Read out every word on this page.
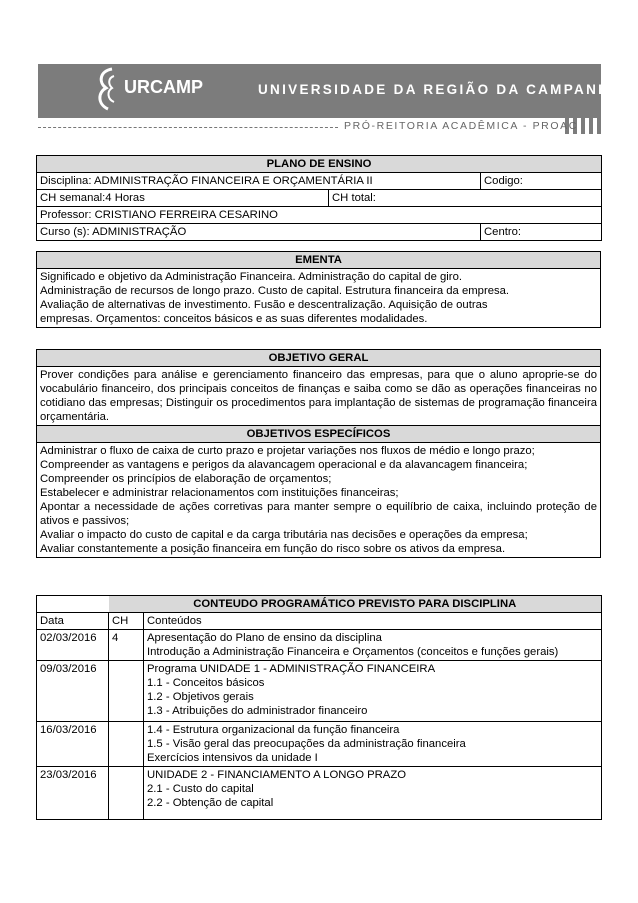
URCAMP	UNIVERSIDADE DA REGIÃO DA CAMPANHA
PRÓ-REITORIA ACADÊMICA - PROAC
PLANO DE ENSINO		
Disciplina: ADMINISTRAÇÃO FINANCEIRA E ORÇAMENTÁRIA II		Codigo:
CH semanal:4 Horas	CH total:	
Professor: CRISTIANO FERREIRA CESARINO		
Curso (s): ADMINISTRAÇÃO		Centro:
EMENTA

Significado e objetivo da Administração Financeira. Administração do capital de giro.
Administração de recursos de longo prazo. Custo de capital. Estrutura financeira da empresa.
Avaliação de alternativas de investimento. Fusão e descentralização. Aquisição de outras
empresas. Orçamentos: conceitos básicos e as suas diferentes modalidades.
OBJETIVO GERAL
Prover condições para análise e gerenciamento financeiro das empresas, para que o aluno aproprie-se do vocabulário financeiro, dos principais conceitos de finanças e saiba como se dão as operações financeiras no cotidiano das empresas; Distinguir os procedimentos para implantação de sistemas de programação financeira orçamentária.
OBJETIVOS ESPECÍFICOS

Administrar o fluxo de caixa de curto prazo e projetar variações nos fluxos de médio e longo prazo;
Compreender as vantagens e perigos da alavancagem operacional e da alavancagem financeira;
Compreender os princípios de elaboração de orçamentos;
Estabelecer e administrar relacionamentos com instituições financeiras;
Apontar a necessidade de ações corretivas para manter sempre o equilíbrio de caixa, incluindo proteção de ativos e passivos;
Avaliar o impacto do custo de capital e da carga tributária nas decisões e operações da empresa;
Avaliar constantemente a posição financeira em função do risco sobre os ativos da empresa.
	CONTEUDO PROGRAMÁTICO PREVISTO PARA DISCIPLINA	
Data	CH	Conteúdos
02/03/2016	4	Apresentação do Plano de ensino da disciplina
Introdução a Administração Financeira e Orçamentos (conceitos e funções gerais)

09/03/2016		Programa UNIDADE 1 - ADMINISTRAÇÃO FINANCEIRA
1.1 - Conceitos básicos
1.2 - Objetivos gerais
1.3 - Atribuições do administrador financeiro

16/03/2016		1.4 - Estrutura organizacional da função financeira
1.5 - Visão geral das preocupações da administração financeira
Exercícios intensivos da unidade I

23/03/2016		UNIDADE 2 - FINANCIAMENTO A LONGO PRAZO
2.1 - Custo do capital
2.2 - Obtenção de capital
